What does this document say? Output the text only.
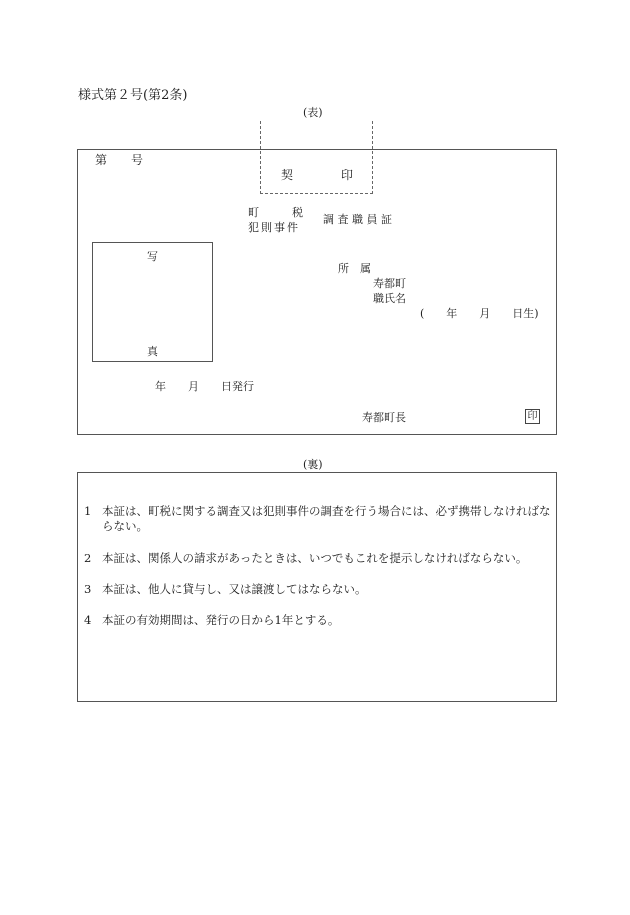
様式第２号(第2条)
(表)
契	印
第　　号
町　　　税
犯則事件
調 査 職 員 証
写
真
所　属
寿都町
職氏名
(　　年　　月　　日生)
年　　月　　日発行
寿都町長	印
(裏)
1 本証は、町税に関する調査又は犯則事件の調査を行う場合には、必ず携帯しなければならない。
2 本証は、関係人の請求があったときは、いつでもこれを提示しなければならない。
3 本証は、他人に貸与し、又は譲渡してはならない。
4 本証の有効期間は、発行の日から1年とする。
